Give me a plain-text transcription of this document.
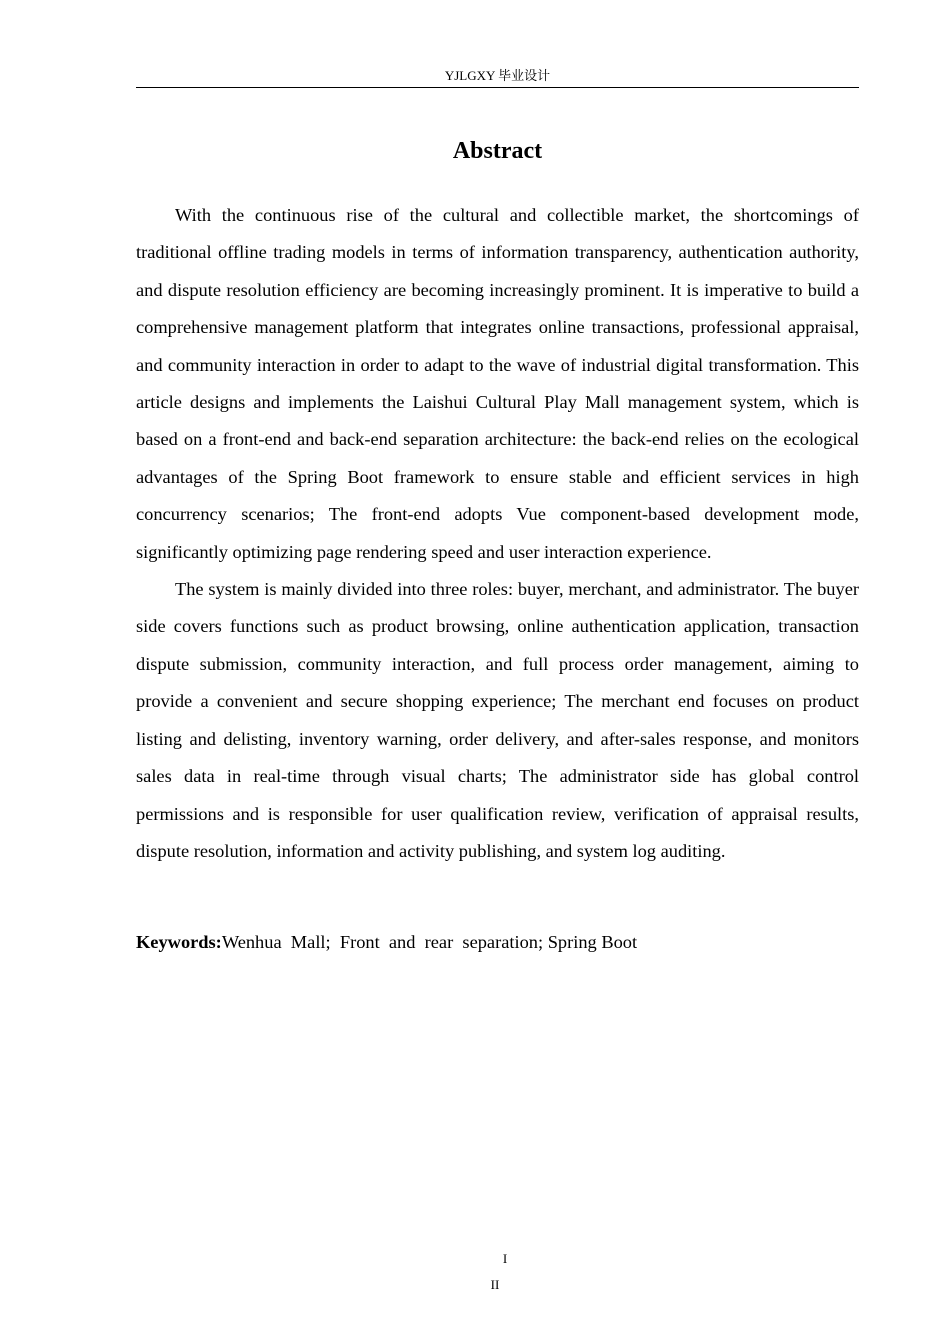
YJLGXY 毕业设计
Abstract

With the continuous rise of the cultural and collectible market, the shortcomings of traditional offline trading models in terms of information transparency, authentication authority, and dispute resolution efficiency are becoming increasingly prominent. It is imperative to build a comprehensive management platform that integrates online transactions, professional appraisal, and community interaction in order to adapt to the wave of industrial digital transformation. This article designs and implements the Laishui Cultural Play Mall management system, which is based on a front-end and back-end separation architecture: the back-end relies on the ecological advantages of the Spring Boot framework to ensure stable and efficient services in high concurrency scenarios; The front-end adopts Vue component-based development mode, significantly optimizing page rendering speed and user interaction experience.

The system is mainly divided into three roles: buyer, merchant, and administrator. The buyer side covers functions such as product browsing, online authentication application, transaction dispute submission, community interaction, and full process order management, aiming to provide a convenient and secure shopping experience; The merchant end focuses on product listing and delisting, inventory warning, order delivery, and after-sales response, and monitors sales data in real-time through visual charts; The administrator side has global control permissions and is responsible for user qualification review, verification of appraisal results, dispute resolution, information and activity publishing, and system log auditing.

Keywords:Wenhua  Mall;  Front  and  rear  separation; Spring Boot
I
II
